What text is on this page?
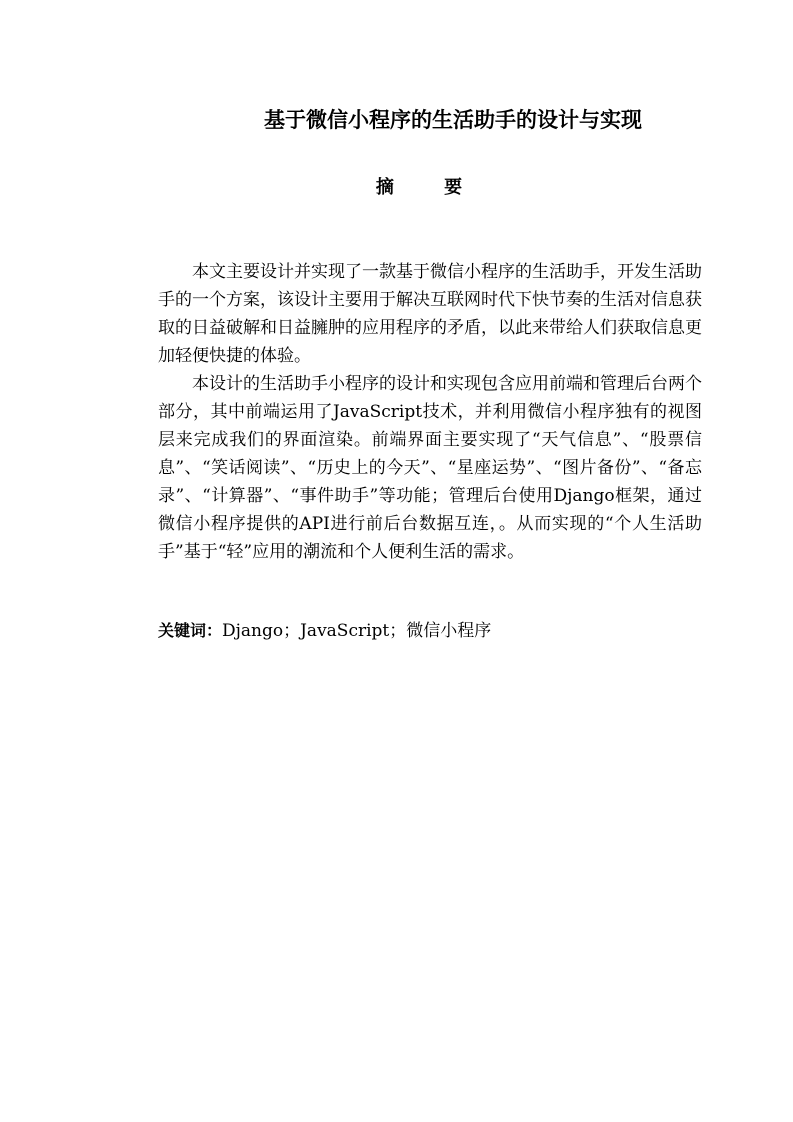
基于微信小程序的生活助手的设计与实现
摘 要

本文主要设计并实现了一款基于微信小程序的生活助手，开发生活助手的一个方案，该设计主要用于解决互联网时代下快节奏的生活对信息获取的日益破解和日益臃肿的应用程序的矛盾，以此来带给人们获取信息更加轻便快捷的体验。

本设计的生活助手小程序的设计和实现包含应用前端和管理后台两个部分，其中前端运用了JavaScript技术，并利用微信小程序独有的视图层来完成我们的界面渲染。前端界面主要实现了“天气信息”、“股票信息”、“笑话阅读”、“历史上的今天”、“星座运势”、“图片备份”、“备忘录”、“计算器”、“事件助手”等功能；管理后台使用Django框架，通过微信小程序提供的API进行前后台数据互连，。从而实现的“个人生活助手”基于“轻”应用的潮流和个人便利生活的需求。

关键词：Django；JavaScript；微信小程序
